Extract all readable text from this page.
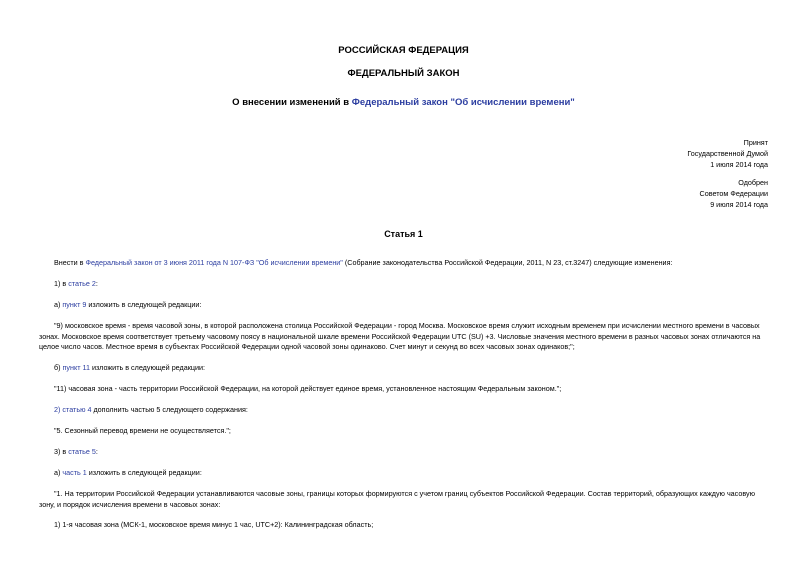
РОССИЙСКАЯ ФЕДЕРАЦИЯ
ФЕДЕРАЛЬНЫЙ ЗАКОН
О внесении изменений в Федеральный закон "Об исчислении времени"
Принят
Государственной Думой
1 июля 2014 года
Одобрен
Советом Федерации
9 июля 2014 года
Статья 1
Внести в Федеральный закон от 3 июня 2011 года N 107-ФЗ "Об исчислении времени" (Собрание законодательства Российской Федерации, 2011, N 23, ст.3247) следующие изменения:
1) в статье 2:
а) пункт 9 изложить в следующей редакции:
"9) московское время - время часовой зоны, в которой расположена столица Российской Федерации - город Москва. Московское время служит исходным временем при исчислении местного времени в часовых зонах. Московское время соответствует третьему часовому поясу в национальной шкале времени Российской Федерации UTC (SU) +3. Числовые значения местного времени в разных часовых зонах отличаются на целое число часов. Местное время в субъектах Российской Федерации одной часовой зоны одинаково. Счет минут и секунд во всех часовых зонах одинаков;";
б) пункт 11 изложить в следующей редакции:
"11) часовая зона - часть территории Российской Федерации, на которой действует единое время, установленное настоящим Федеральным законом.";
2) статью 4 дополнить частью 5 следующего содержания:
"5. Сезонный перевод времени не осуществляется.";
3) в статье 5:
а) часть 1 изложить в следующей редакции:
"1. На территории Российской Федерации устанавливаются часовые зоны, границы которых формируются с учетом границ субъектов Российской Федерации. Состав территорий, образующих каждую часовую зону, и порядок исчисления времени в часовых зонах:
1) 1-я часовая зона (МСК-1, московское время минус 1 час, UTC+2): Калининградская область;
